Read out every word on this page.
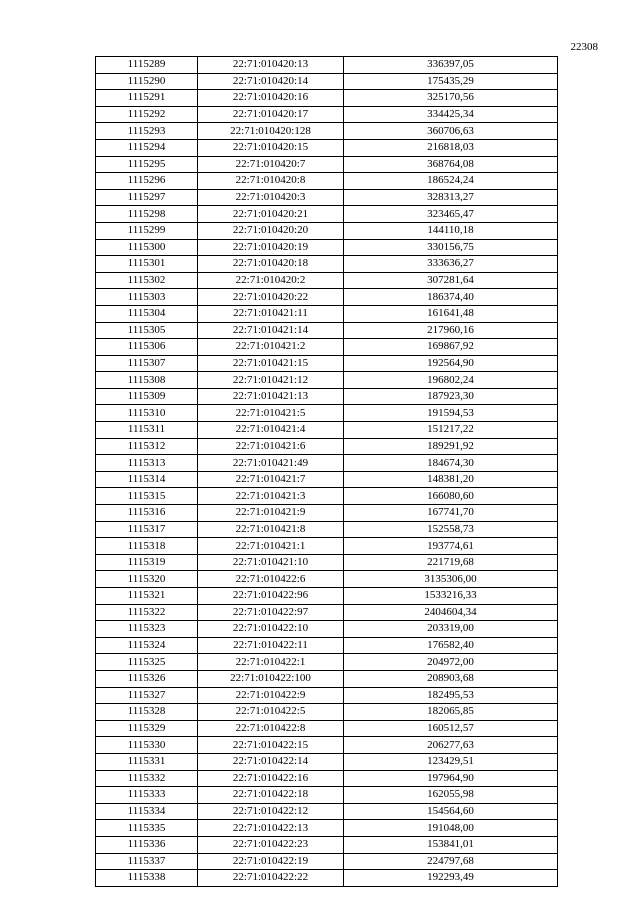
22308
1115289	22:71:010420:13	336397,05
1115290	22:71:010420:14	175435,29
1115291	22:71:010420:16	325170,56
1115292	22:71:010420:17	334425,34
1115293	22:71:010420:128	360706,63
1115294	22:71:010420:15	216818,03
1115295	22:71:010420:7	368764,08
1115296	22:71:010420:8	186524,24
1115297	22:71:010420:3	328313,27
1115298	22:71:010420:21	323465,47
1115299	22:71:010420:20	144110,18
1115300	22:71:010420:19	330156,75
1115301	22:71:010420:18	333636,27
1115302	22:71:010420:2	307281,64
1115303	22:71:010420:22	186374,40
1115304	22:71:010421:11	161641,48
1115305	22:71:010421:14	217960,16
1115306	22:71:010421:2	169867,92
1115307	22:71:010421:15	192564,90
1115308	22:71:010421:12	196802,24
1115309	22:71:010421:13	187923,30
1115310	22:71:010421:5	191594,53
1115311	22:71:010421:4	151217,22
1115312	22:71:010421:6	189291,92
1115313	22:71:010421:49	184674,30
1115314	22:71:010421:7	148381,20
1115315	22:71:010421:3	166080,60
1115316	22:71:010421:9	167741,70
1115317	22:71:010421:8	152558,73
1115318	22:71:010421:1	193774,61
1115319	22:71:010421:10	221719,68
1115320	22:71:010422:6	3135306,00
1115321	22:71:010422:96	1533216,33
1115322	22:71:010422:97	2404604,34
1115323	22:71:010422:10	203319,00
1115324	22:71:010422:11	176582,40
1115325	22:71:010422:1	204972,00
1115326	22:71:010422:100	208903,68
1115327	22:71:010422:9	182495,53
1115328	22:71:010422:5	182065,85
1115329	22:71:010422:8	160512,57
1115330	22:71:010422:15	206277,63
1115331	22:71:010422:14	123429,51
1115332	22:71:010422:16	197964,90
1115333	22:71:010422:18	162055,98
1115334	22:71:010422:12	154564,60
1115335	22:71:010422:13	191048,00
1115336	22:71:010422:23	153841,01
1115337	22:71:010422:19	224797,68
1115338	22:71:010422:22	192293,49
